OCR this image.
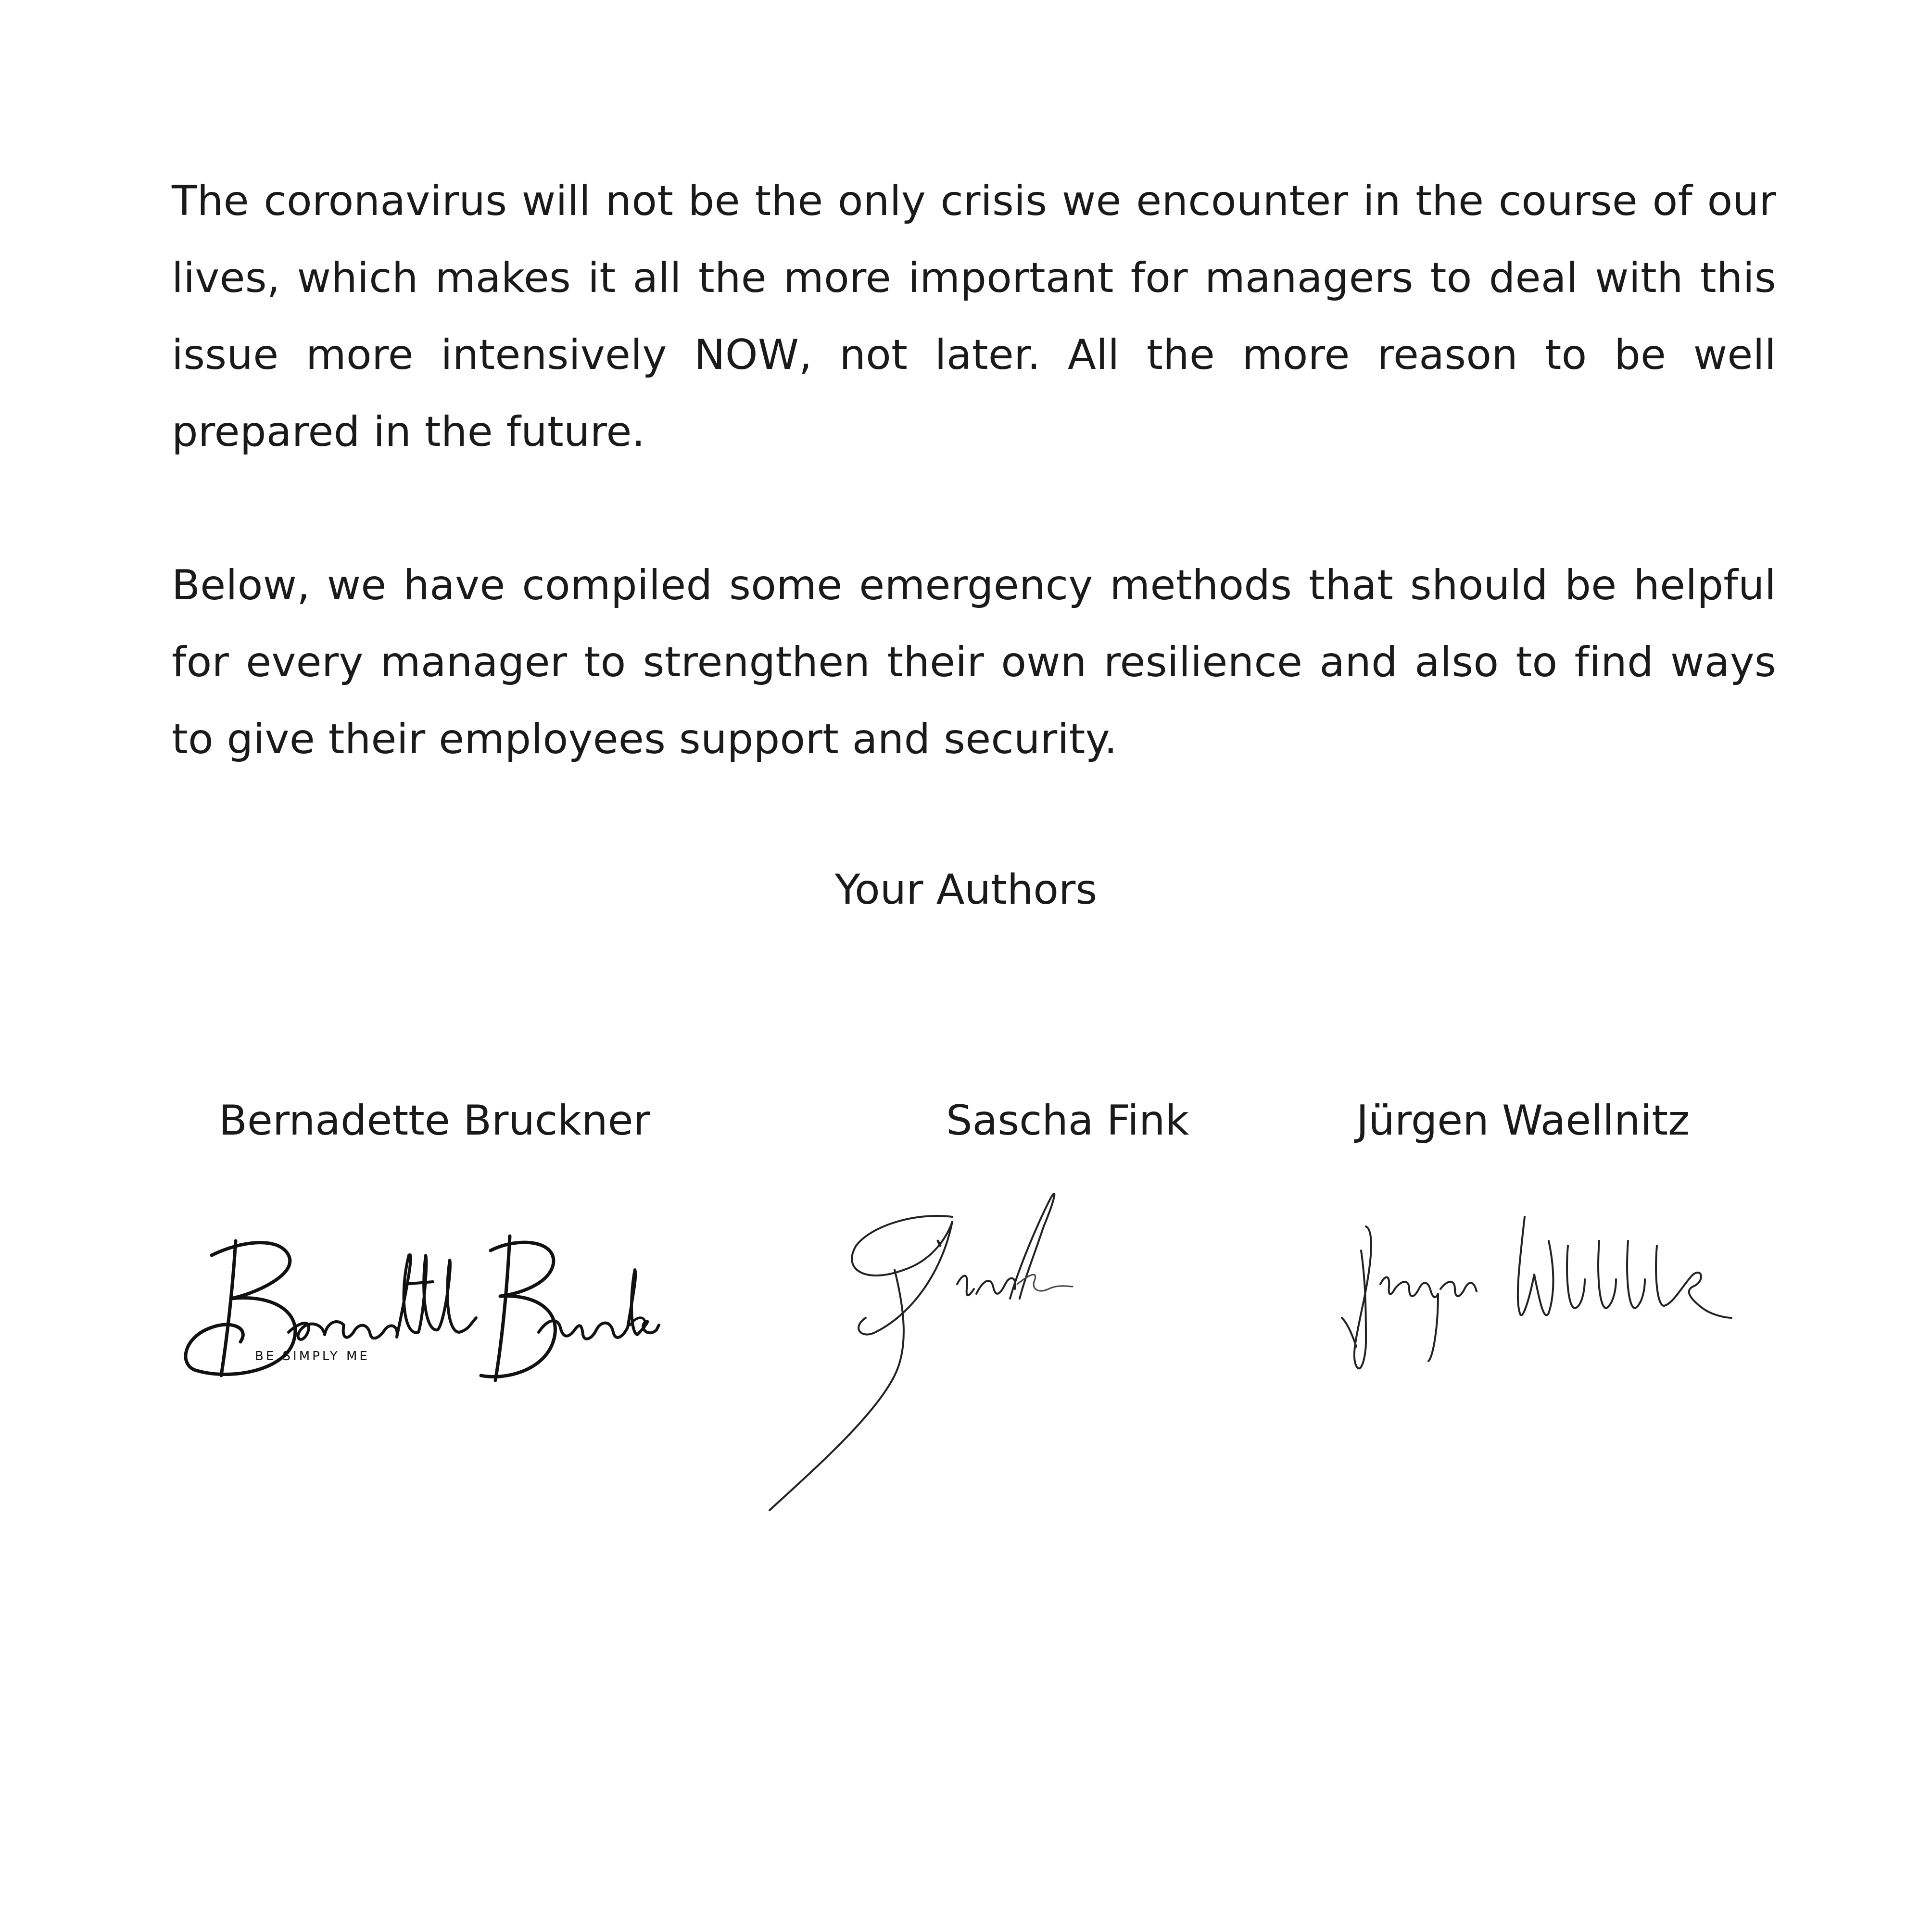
The coronavirus will not be the only crisis we encounter in the course of our lives, which makes it all the more important for managers to deal with this issue more intensively NOW, not later. All the more reason to be well prepared in the future.

Below, we have compiled some emergency methods that should be helpful for every manager to strengthen their own resilience and also to find ways to give their employees support and security.

Your Authors
Bernadette Bruckner	Sascha Fink	Jürgen Waellnitz
BE SIMPLY ME
